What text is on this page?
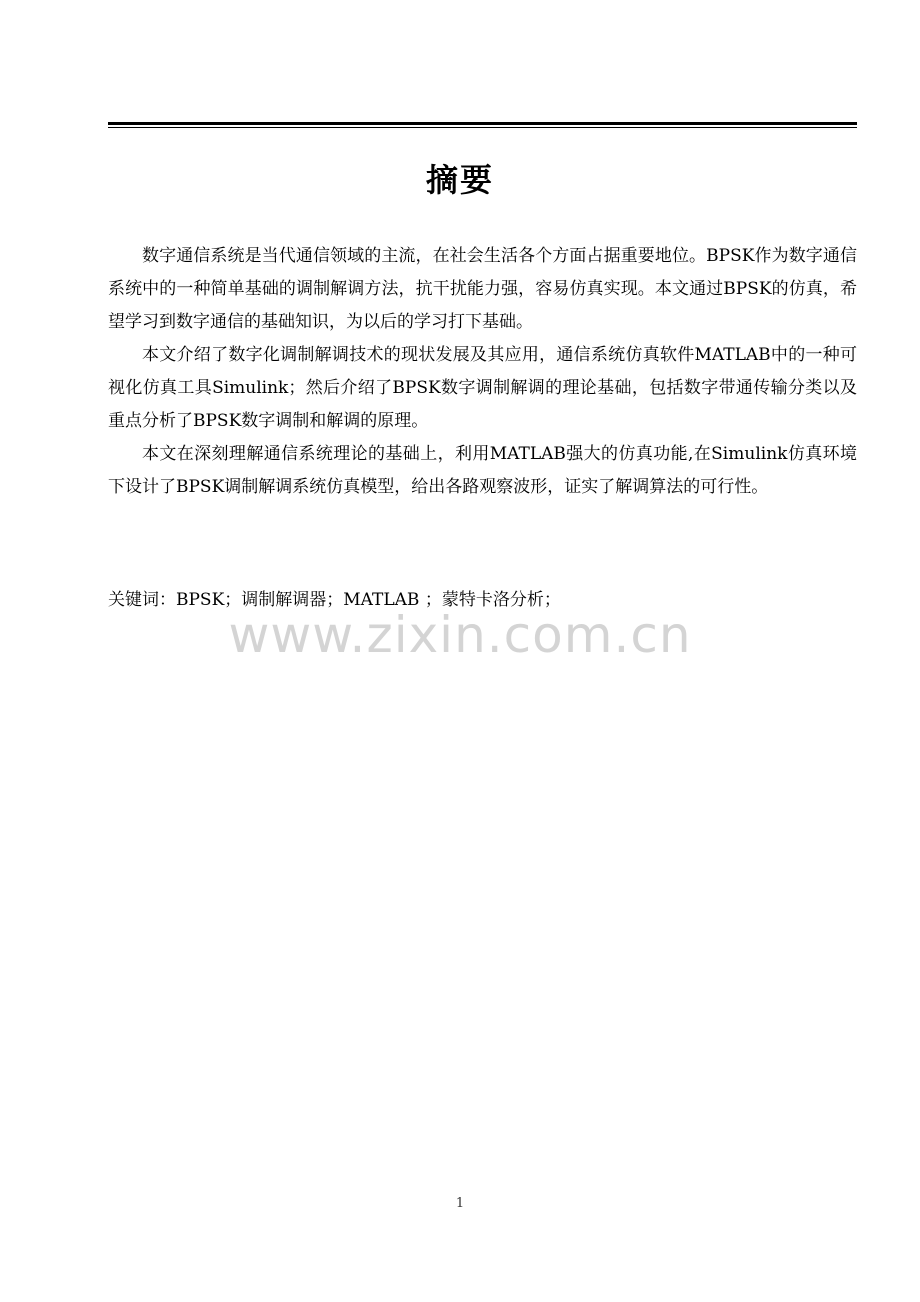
摘要

数字通信系统是当代通信领域的主流，在社会生活各个方面占据重要地位。BPSK作为数字通信系统中的一种简单基础的调制解调方法，抗干扰能力强，容易仿真实现。本文通过BPSK的仿真，希望学习到数字通信的基础知识，为以后的学习打下基础。

本文介绍了数字化调制解调技术的现状发展及其应用，通信系统仿真软件MATLAB中的一种可视化仿真工具Simulink；然后介绍了BPSK数字调制解调的理论基础，包括数字带通传输分类以及重点分析了BPSK数字调制和解调的原理。

本文在深刻理解通信系统理论的基础上，利用MATLAB强大的仿真功能,在Simulink仿真环境下设计了BPSK调制解调系统仿真模型，给出各路观察波形，证实了解调算法的可行性。

关键词：BPSK；调制解调器；MATLAB ；蒙特卡洛分析；
www.zixin.com.cn
1
